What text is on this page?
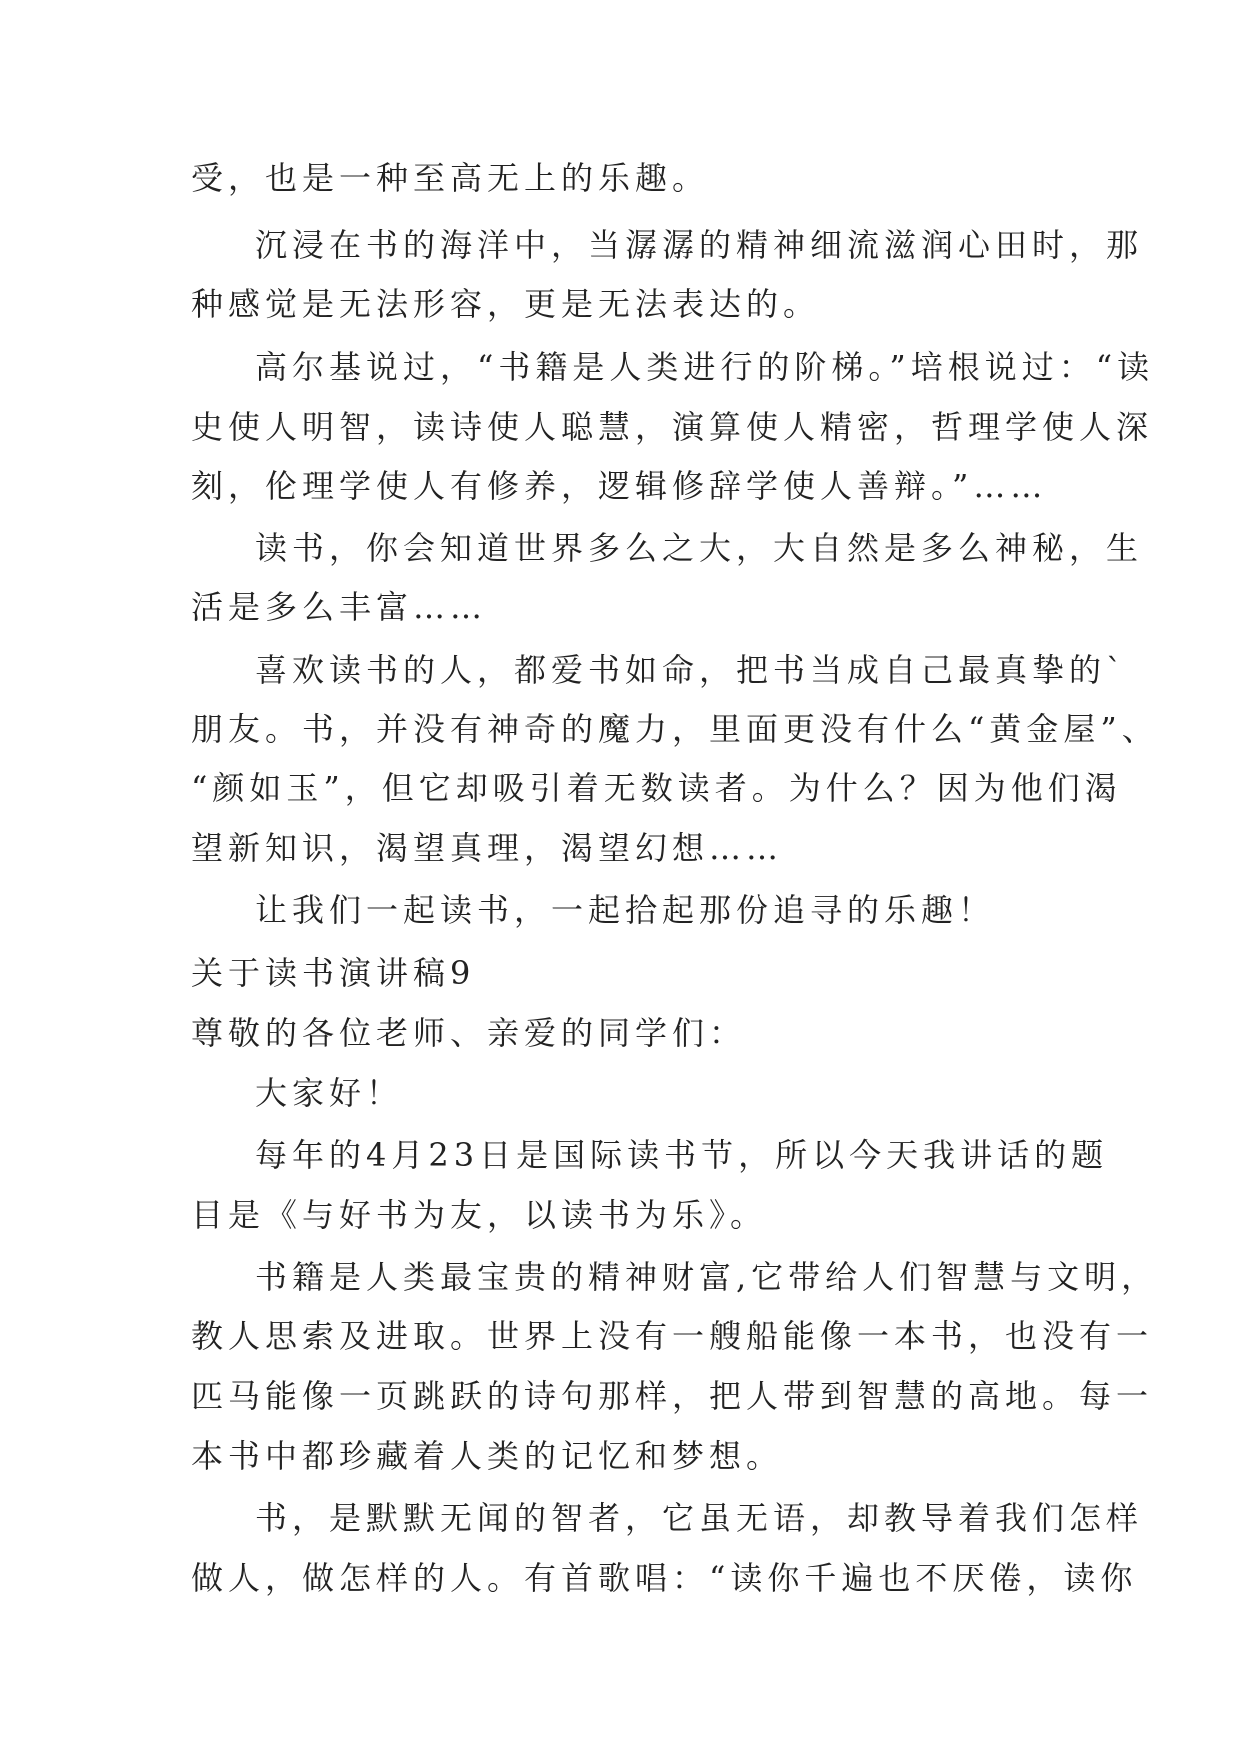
受，也是一种至高无上的乐趣。
沉浸在书的海洋中，当潺潺的精神细流滋润心田时，那
种感觉是无法形容，更是无法表达的。
高尔基说过，“书籍是人类进行的阶梯。”培根说过：“读
史使人明智，读诗使人聪慧，演算使人精密，哲理学使人深
刻，伦理学使人有修养，逻辑修辞学使人善辩。”……
读书，你会知道世界多么之大，大自然是多么神秘，生
活是多么丰富……
喜欢读书的人，都爱书如命，把书当成自己最真挚的`
朋友。书，并没有神奇的魔力，里面更没有什么“黄金屋”、
“颜如玉”，但它却吸引着无数读者。为什么？因为他们渴
望新知识，渴望真理，渴望幻想……
让我们一起读书，一起拾起那份追寻的乐趣！
关于读书演讲稿9
尊敬的各位老师、亲爱的同学们：
大家好！
每年的4月23日是国际读书节，所以今天我讲话的题
目是《与好书为友，以读书为乐》。
书籍是人类最宝贵的精神财富,它带给人们智慧与文明，
教人思索及进取。世界上没有一艘船能像一本书，也没有一
匹马能像一页跳跃的诗句那样，把人带到智慧的高地。每一
本书中都珍藏着人类的记忆和梦想。
书，是默默无闻的智者，它虽无语，却教导着我们怎样
做人，做怎样的人。有首歌唱：“读你千遍也不厌倦，读你
